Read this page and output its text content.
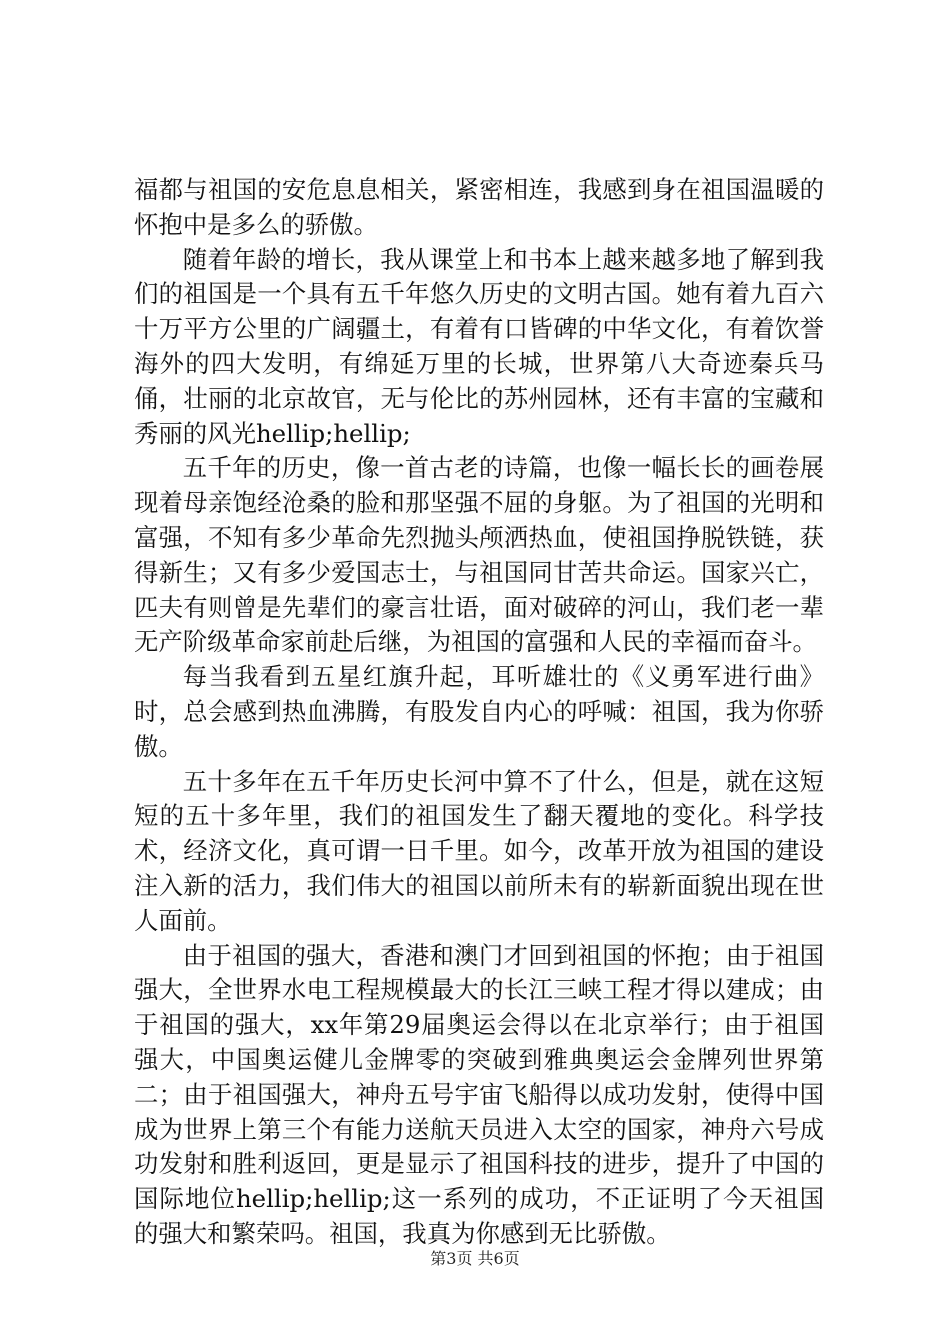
福都与祖国的安危息息相关，紧密相连，我感到身在祖国温暖的怀抱中是多么的骄傲。

随着年龄的增长，我从课堂上和书本上越来越多地了解到我们的祖国是一个具有五千年悠久历史的文明古国。她有着九百六十万平方公里的广阔疆土，有着有口皆碑的中华文化，有着饮誉海外的四大发明，有绵延万里的长城，世界第八大奇迹秦兵马俑，壮丽的北京故官，无与伦比的苏州园林，还有丰富的宝藏和秀丽的风光hellip;hellip;

五千年的历史，像一首古老的诗篇，也像一幅长长的画卷展现着母亲饱经沧桑的脸和那坚强不屈的身躯。为了祖国的光明和富强，不知有多少革命先烈抛头颅洒热血，使祖国挣脱铁链，获得新生；又有多少爱国志士，与祖国同甘苦共命运。国家兴亡，匹夫有则曾是先辈们的豪言壮语，面对破碎的河山，我们老一辈无产阶级革命家前赴后继，为祖国的富强和人民的幸福而奋斗。

每当我看到五星红旗升起，耳听雄壮的《义勇军进行曲》时，总会感到热血沸腾，有股发自内心的呼喊：祖国，我为你骄傲。

五十多年在五千年历史长河中算不了什么，但是，就在这短短的五十多年里，我们的祖国发生了翻天覆地的变化。科学技术，经济文化，真可谓一日千里。如今，改革开放为祖国的建设注入新的活力，我们伟大的祖国以前所未有的崭新面貌出现在世人面前。

由于祖国的强大，香港和澳门才回到祖国的怀抱；由于祖国强大，全世界水电工程规模最大的长江三峡工程才得以建成；由于祖国的强大，xx年第29届奥运会得以在北京举行；由于祖国强大，中国奥运健儿金牌零的突破到雅典奥运会金牌列世界第二；由于祖国强大，神舟五号宇宙飞船得以成功发射，使得中国成为世界上第三个有能力送航天员进入太空的国家，神舟六号成功发射和胜利返回，更是显示了祖国科技的进步，提升了中国的国际地位hellip;hellip;这一系列的成功，不正证明了今天祖国的强大和繁荣吗。祖国，我真为你感到无比骄傲。

第3页 共6页
